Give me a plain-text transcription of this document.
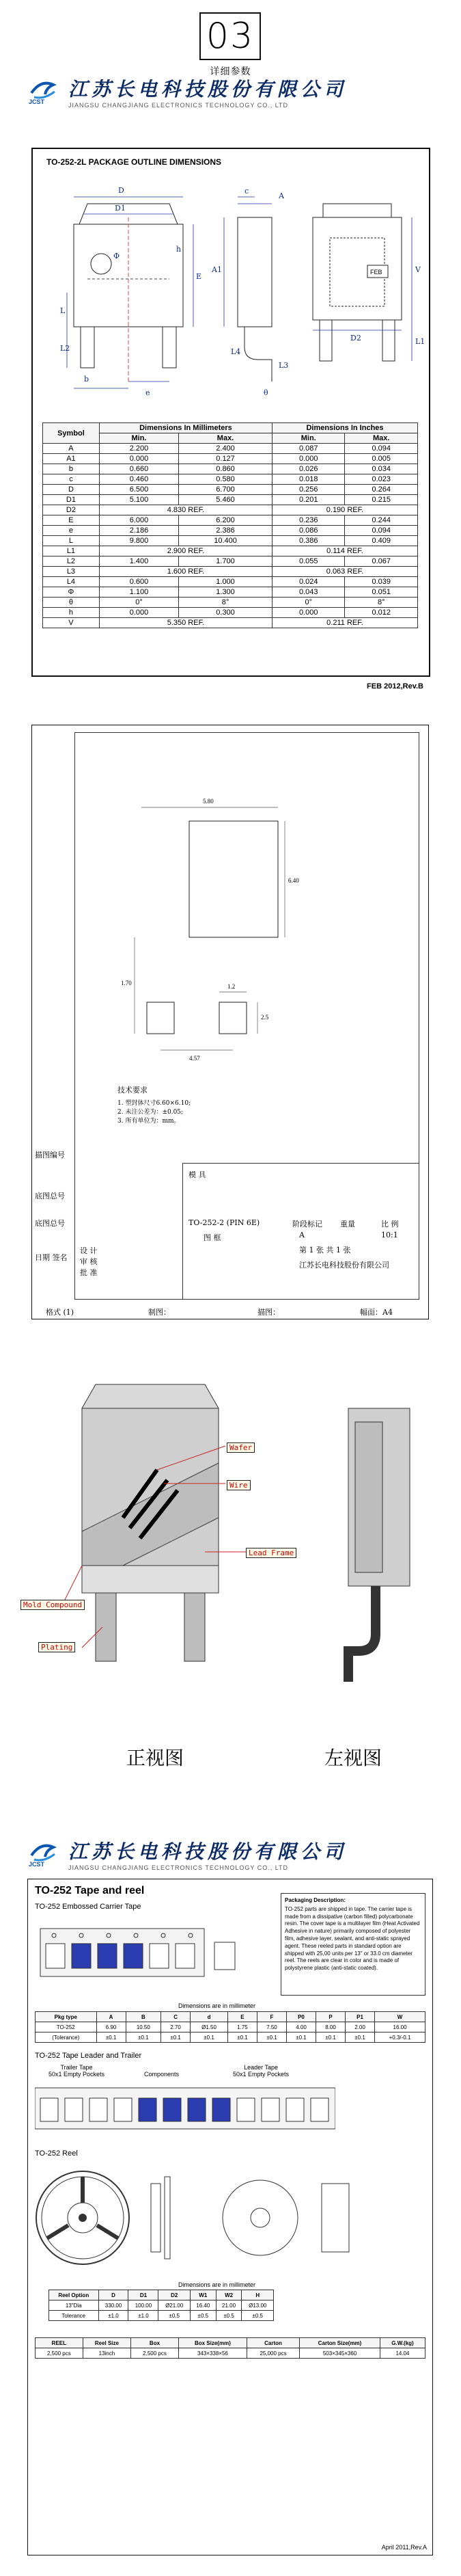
03
详细参数
JCST
江苏长电科技股份有限公司
JIANGSU CHANGJIANG ELECTRONICS TECHNOLOGY CO., LTD
TO-252-2L PACKAGE OUTLINE DIMENSIONS
D
D1
A
c
A1
E
L
L1
L2
L3
L4
h
b
e
Φ
θ
V
D2
FEB
Symbol	Dimensions In Millimeters		Dimensions In Inches	
	Min.	Max.	Min.	Max.
A	2.200	2.400	0.087	0.094
A1	0.000	0.127	0.000	0.005
b	0.660	0.860	0.026	0.034
c	0.460	0.580	0.018	0.023
D	6.500	6.700	0.256	0.264
D1	5.100	5.460	0.201	0.215
D2	4.830 REF.		0.190 REF.	
E	6.000	6.200	0.236	0.244
e	2.186	2.386	0.086	0.094
L	9.800	10.400	0.386	0.409
L1	2.900 REF.		0.114 REF.	
L2	1.400	1.700	0.055	0.067
L3	1.600 REF.		0.063 REF.	
L4	0.600	1.000	0.024	0.039
Φ	1.100	1.300	0.043	0.051
θ	0°	8°	0°	8°
h	0.000	0.300	0.000	0.012
V	5.350 REF.		0.211 REF.	
FEB 2012,Rev.B
5.80
6.40
1.70	1.2
2.5
4.57
技术要求
1. 塑封体尺寸6.60×6.10;
2. 未注公差为：±0.05;
3. 所有单位为：mm。
描图编号
底图总号
底图总号
日期 签名
模 具
TO-252-2 (PIN 6E)
图 框
阶段标记 重量	比 例
A	10:1
第 1 张 共 1 张
江苏长电科技股份有限公司
设 计
审 核
批 准
格式 (1)	制图：	描图：	幅面：A4
Wafer
Wire
Lead Frame
Mold Compound
Plating
正视图	左视图
JCST
江苏长电科技股份有限公司
JIANGSU CHANGJIANG ELECTRONICS TECHNOLOGY CO., LTD
TO-252 Tape and reel
TO-252 Embossed Carrier Tape
Packaging Description:
TO-252 parts are shipped in tape. The carrier tape is made from a dissipative (carbon filled) polycarbonate resin. The cover tape is a multilayer film (Heat Activated Adhesive in nature) primarily composed of polyester film, adhesive layer, sealant, and anti-static sprayed agent. These reeled parts in standard option are shipped with 25,00 units per 13" or 33.0 cm diameter reel. The reels are clear in color and is made of polystyrene plastic (anti-static coated).
Dimensions are in millimeter
Pkg type	A	B	C	d	E	F	P0	P	P1	W
TO-252	6.90	10.50	2.70	Ø1.50	1.75	7.50	4.00	8.00	2.00	16.00
(Tolerance)	±0.1	±0.1	±0.1	±0.1	±0.1	±0.1	±0.1	±0.1	±0.1	+0.3/-0.1
TO-252 Tape Leader and Trailer
Trailer Tape
50x1 Empty Pockets	Components
Leader Tape
50x1 Empty Pockets
TO-252 Reel
Dimensions are in millimeter
Reel Option	D	D1	D2	W1	W2	H
13"Dia	330.00	100.00	Ø21.00	16.40	21.00	Ø13.00
Tolerance	±1.0	±1.0	±0.5	±0.5	±0.5	±0.5
REEL	Reel Size	Box	Box Size(mm)	Carton	Carton Size(mm)	G.W.(kg)
2,500 pcs	13inch	2,500 pcs	343×338×56	25,000 pcs	503×345×360	14.04
April 2011,Rev.A
